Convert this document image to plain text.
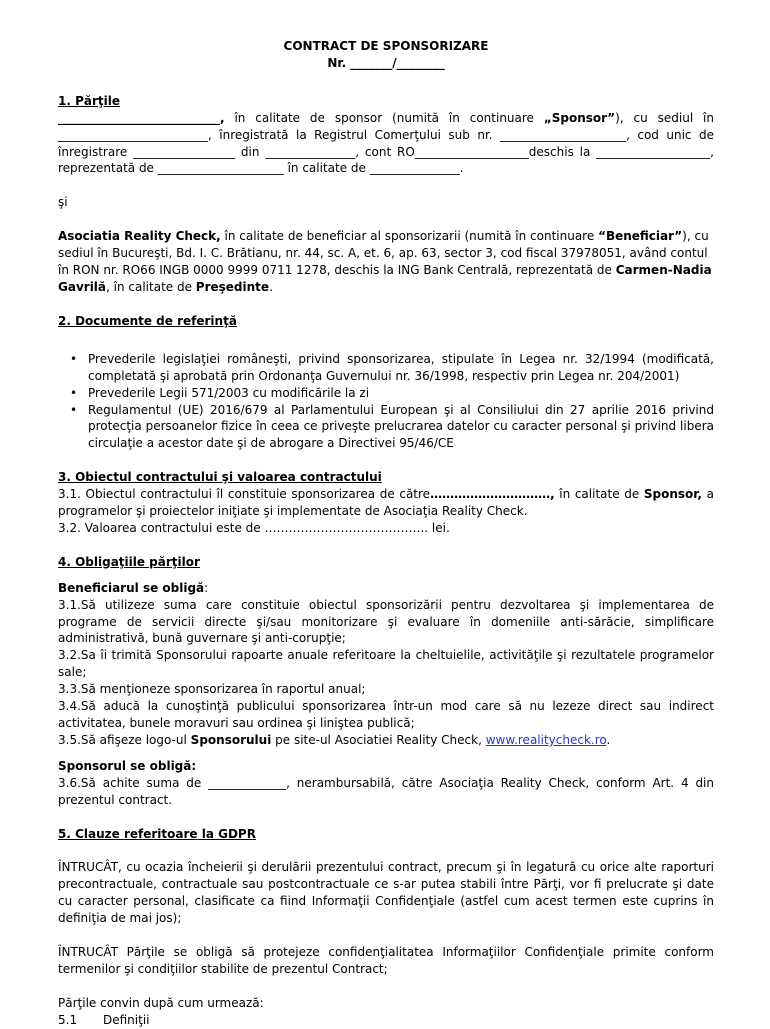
CONTRACT DE SPONSORIZARE
Nr. _______/________
1. Părţile
___________________________, în calitate de sponsor (numită în continuare „Sponsor”), cu sediul în _________________________, înregistrată la Registrul Comerţului sub nr. _____________________, cod unic de înregistrare _________________ din _______________, cont RO___________________deschis la ___________________, reprezentată de _____________________ în calitate de _______________.
şi
Asociatia Reality Check, în calitate de beneficiar al sponsorizarii (numită în continuare “Beneficiar”), cu sediul în Bucureşti, Bd. I. C. Brătianu, nr. 44, sc. A, et. 6, ap. 63, sector 3, cod fiscal 37978051, având contul în RON nr. RO66 INGB 0000 9999 0711 1278, deschis la ING Bank Centrală, reprezentată de Carmen-Nadia Gavrilă, în calitate de Preşedinte.
2. Documente de referinţă
• Prevederile legislaţiei româneşti, privind sponsorizarea, stipulate în Legea nr. 32/1994 (modificată, completată şi aprobată prin Ordonanţa Guvernului nr. 36/1998, respectiv prin Legea nr. 204/2001)
• Prevederile Legii 571/2003 cu modificările la zi
• Regulamentul (UE) 2016/679 al Parlamentului European şi al Consiliului din 27 aprilie 2016 privind protecţia persoanelor fizice în ceea ce priveşte prelucrarea datelor cu caracter personal şi privind libera circulaţie a acestor date şi de abrogare a Directivei 95/46/CE
3. Obiectul contractului şi valoarea contractului
3.1. Obiectul contractului îl constituie sponsorizarea de către…………………………, în calitate de Sponsor, a programelor şi proiectelor iniţiate şi implementate de Asociaţia Reality Check.
3.2. Valoarea contractului este de ………………………………….. lei.
4. Obligaţiile părţilor
Beneficiarul se obligă:
3.1.Să utilizeze suma care constituie obiectul sponsorizării pentru dezvoltarea şi implementarea de programe de servicii directe şi/sau monitorizare şi evaluare în domeniile anti-sărăcie, simplificare administrativă, bună guvernare şi anti-corupţie;
3.2.Sa îi trimită Sponsorului rapoarte anuale referitoare la cheltuielile, activităţile şi rezultatele programelor sale;
3.3.Să menţioneze sponsorizarea în raportul anual;
3.4.Să aducă la cunoştinţă publicului sponsorizarea într-un mod care să nu lezeze direct sau indirect activitatea, bunele moravuri sau ordinea şi liniştea publică;
3.5.Să afişeze logo-ul Sponsorului pe site-ul Asociatiei Reality Check, www.realitycheck.ro.
Sponsorul se obligă:
3.6.Să achite suma de _____________, nerambursabilă, către Asociaţia Reality Check, conform Art. 4 din prezentul contract.
5. Clauze referitoare la GDPR
ÎNTRUCÂT, cu ocazia încheierii şi derulării prezentului contract, precum şi în legatură cu orice alte raporturi precontractuale, contractuale sau postcontractuale ce s-ar putea stabili între Părţi, vor fi prelucrate şi date cu caracter personal, clasificate ca fiind Informaţii Confidenţiale (astfel cum acest termen este cuprins în definiţia de mai jos);
ÎNTRUCÂT Părţile se obligă să protejeze confidenţialitatea Informaţiilor Confidenţiale primite conform termenilor şi condiţiilor stabilite de prezentul Contract;
Părţile convin după cum urmează:
5.1	Definiţii
